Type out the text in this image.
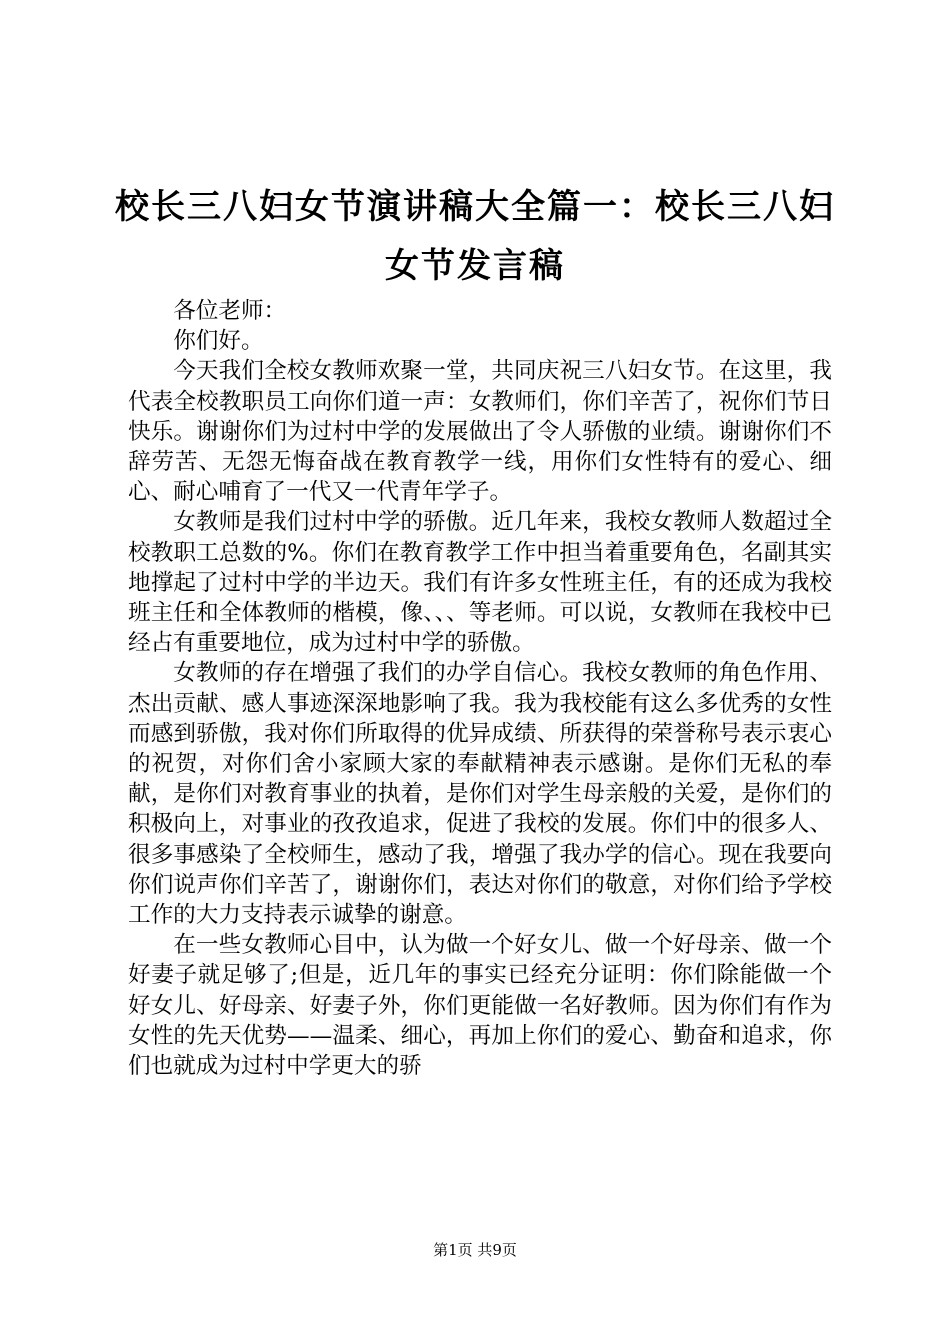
校长三八妇女节演讲稿大全篇一：校长三八妇女节发言稿

各位老师：

你们好。

今天我们全校女教师欢聚一堂，共同庆祝三八妇女节。在这里，我代表全校教职员工向你们道一声：女教师们，你们辛苦了，祝你们节日快乐。谢谢你们为过村中学的发展做出了令人骄傲的业绩。谢谢你们不辞劳苦、无怨无悔奋战在教育教学一线，用你们女性特有的爱心、细心、耐心哺育了一代又一代青年学子。

女教师是我们过村中学的骄傲。近几年来，我校女教师人数超过全校教职工总数的%。你们在教育教学工作中担当着重要角色，名副其实地撑起了过村中学的半边天。我们有许多女性班主任，有的还成为我校班主任和全体教师的楷模，像、、、等老师。可以说，女教师在我校中已经占有重要地位，成为过村中学的骄傲。

女教师的存在增强了我们的办学自信心。我校女教师的角色作用、杰出贡献、感人事迹深深地影响了我。我为我校能有这么多优秀的女性而感到骄傲，我对你们所取得的优异成绩、所获得的荣誉称号表示衷心的祝贺，对你们舍小家顾大家的奉献精神表示感谢。是你们无私的奉献，是你们对教育事业的执着，是你们对学生母亲般的关爱，是你们的积极向上，对事业的孜孜追求，促进了我校的发展。你们中的很多人、很多事感染了全校师生，感动了我，增强了我办学的信心。现在我要向你们说声你们辛苦了，谢谢你们，表达对你们的敬意，对你们给予学校工作的大力支持表示诚挚的谢意。

在一些女教师心目中，认为做一个好女儿、做一个好母亲、做一个好妻子就足够了;但是，近几年的事实已经充分证明：你们除能做一个好女儿、好母亲、好妻子外，你们更能做一名好教师。因为你们有作为女性的先天优势——温柔、细心，再加上你们的爱心、勤奋和追求，你们也就成为过村中学更大的骄

第1页 共9页
